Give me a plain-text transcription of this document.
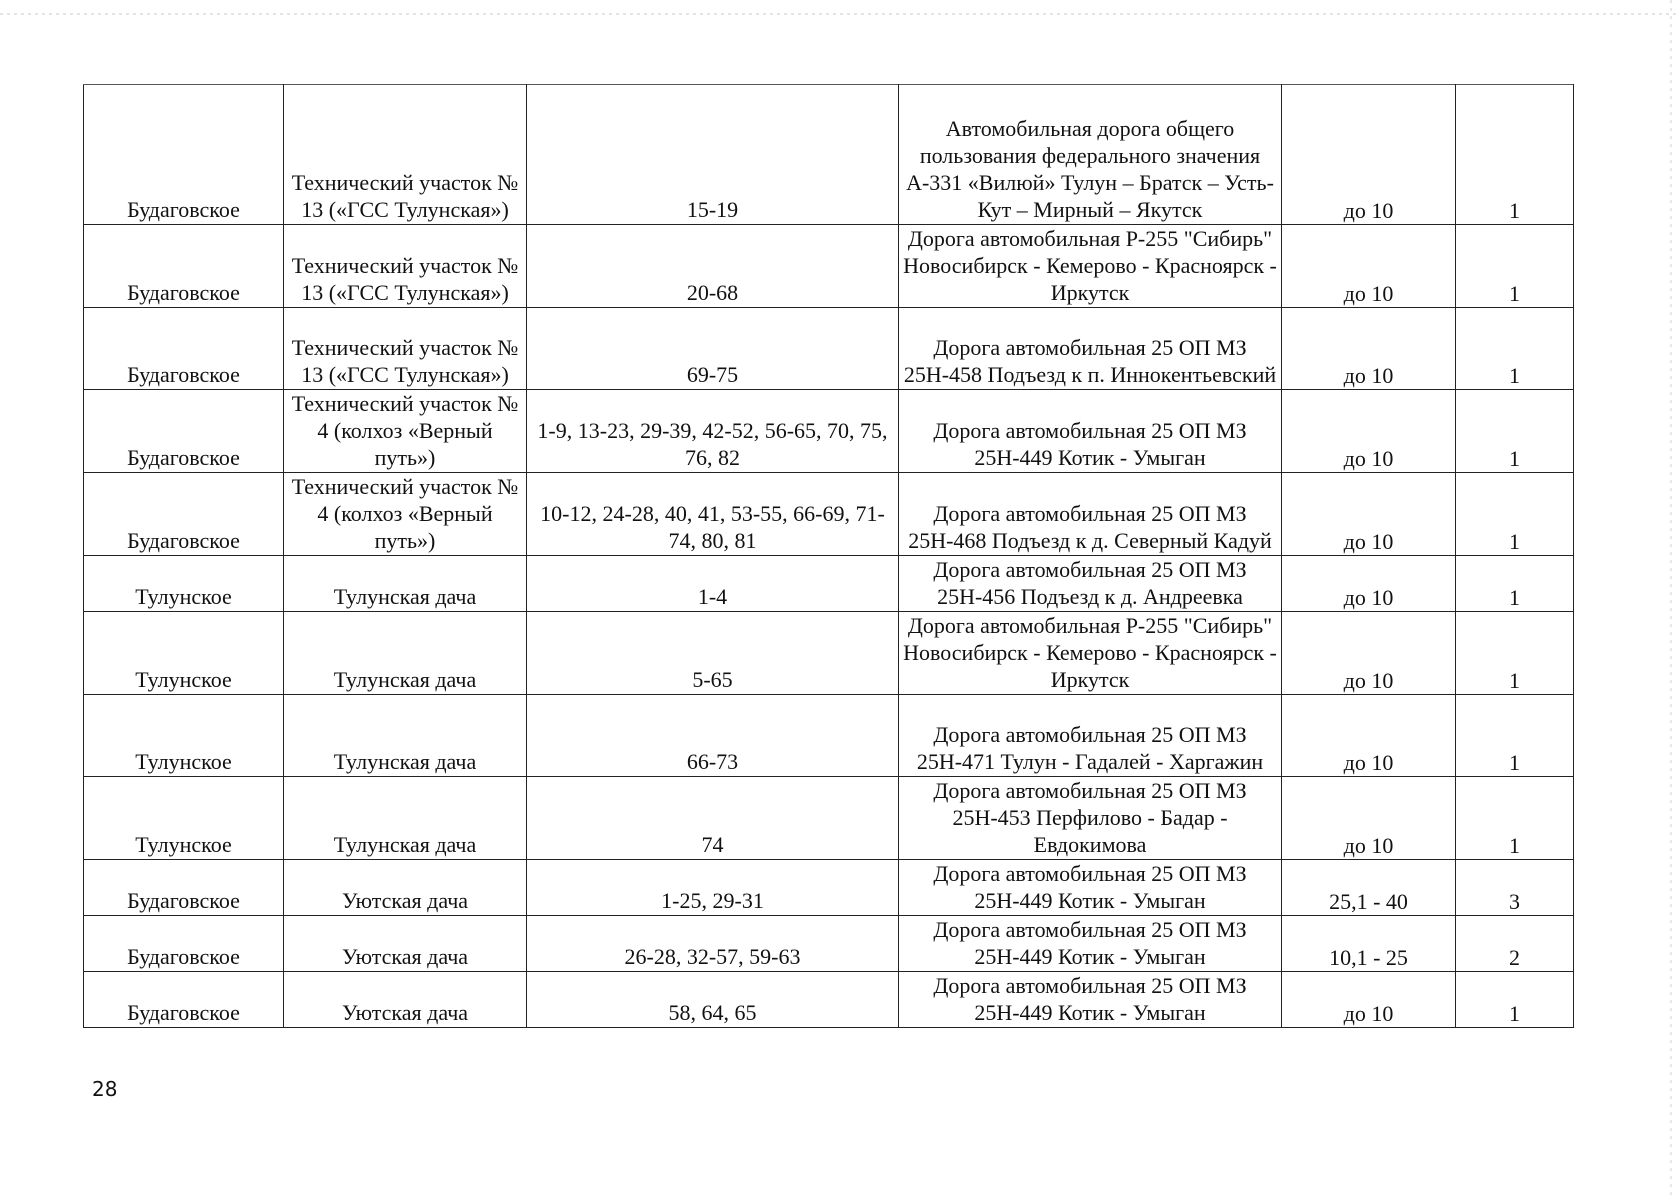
Будаговское	Технический участок № 13 («ГСС Тулунская»)	15-19	Автомобильная дорога общего пользования федерального значения А-331 «Вилюй» Тулун – Братск – Усть-Кут – Мирный – Якутск	до 10	1
Будаговское	Технический участок № 13 («ГСС Тулунская»)	20-68	Дорога автомобильная Р-255 "Сибирь" Новосибирск - Кемерово - Красноярск - Иркутск	до 10	1
Будаговское	Технический участок № 13 («ГСС Тулунская»)	69-75	Дорога автомобильная 25 ОП МЗ 25Н-458 Подъезд к п. Иннокентьевский	до 10	1
Будаговское	Технический участок № 4 (колхоз «Верный путь»)	1-9, 13-23, 29-39, 42-52, 56-65, 70, 75, 76, 82	Дорога автомобильная 25 ОП МЗ 25Н-449 Котик - Умыган	до 10	1
Будаговское	Технический участок № 4 (колхоз «Верный путь»)	10-12, 24-28, 40, 41, 53-55, 66-69, 71-74, 80, 81	Дорога автомобильная 25 ОП МЗ 25Н-468 Подъезд к д. Северный Кадуй	до 10	1
Тулунское	Тулунская дача	1-4	Дорога автомобильная 25 ОП МЗ 25Н-456 Подъезд к д. Андреевка	до 10	1
Тулунское	Тулунская дача	5-65	Дорога автомобильная Р-255 "Сибирь" Новосибирск - Кемерово - Красноярск - Иркутск	до 10	1
Тулунское	Тулунская дача	66-73	Дорога автомобильная 25 ОП МЗ 25Н-471 Тулун - Гадалей - Харгажин	до 10	1
Тулунское	Тулунская дача	74	Дорога автомобильная 25 ОП МЗ 25Н-453 Перфилово - Бадар - Евдокимова	до 10	1
Будаговское	Уютская дача	1-25, 29-31	Дорога автомобильная 25 ОП МЗ 25Н-449 Котик - Умыган	25,1 - 40	3
Будаговское	Уютская дача	26-28, 32-57, 59-63	Дорога автомобильная 25 ОП МЗ 25Н-449 Котик - Умыган	10,1 - 25	2
Будаговское	Уютская дача	58, 64, 65	Дорога автомобильная 25 ОП МЗ 25Н-449 Котик - Умыган	до 10	1
28
